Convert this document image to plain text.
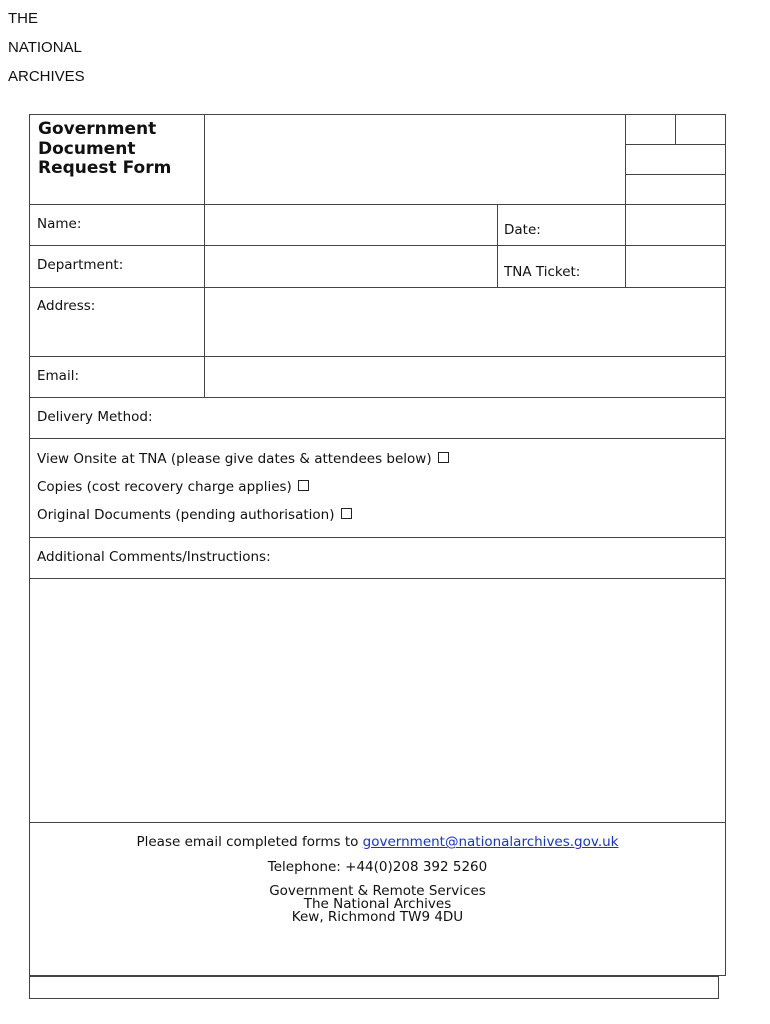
THE
NATIONAL
ARCHIVES
Government
Document
Request Form
Name:	Date:
Department:	TNA Ticket:
Address:
Email:
Delivery Method:
View Onsite at TNA (please give dates & attendees below)
Copies (cost recovery charge applies)
Original Documents (pending authorisation)
Additional Comments/Instructions:
Please email completed forms to government@nationalarchives.gov.uk
Telephone: +44(0)208 392 5260
Government & Remote Services
The National Archives
Kew, Richmond TW9 4DU
